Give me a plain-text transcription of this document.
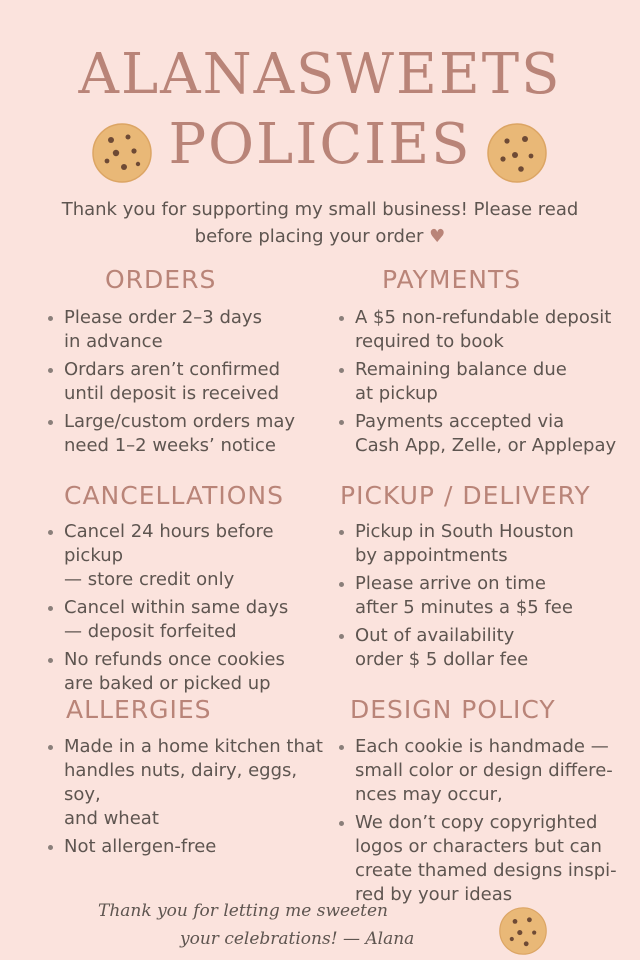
ALANASWEETS
POLICIES
Thank you for supporting my small business! Please read
before placing your order ♥
ORDERS
Please order 2–3 days
in advance
Ordars aren’t confirmed
until deposit is received
Large/custom orders may
need 1–2 weeks’ notice
PAYMENTS
A $5 non-refundable deposit
required to book
Remaining balance due
at pickup
Payments accepted via
Cash App, Zelle, or Applepay
CANCELLATIONS
Cancel 24 hours before pickup
— store credit only
Cancel within same days
— deposit forfeited
No refunds once cookies
are baked or picked up
PICKUP / DELIVERY
Pickup in South Houston
by appointments
Please arrive on time
after 5 minutes a $5 fee
Out of availability
order $ 5 dollar fee
ALLERGIES
Made in a home kitchen that
handles nuts, dairy, eggs, soy,
and wheat
Not allergen-free
DESIGN POLICY
Each cookie is handmade —
small color or design differe-
nces may occur,
We don’t copy copyrighted
logos or characters but can
create thamed designs inspi-
red by your ideas
Thank you for letting me sweeten
your celebrations! — Alana
